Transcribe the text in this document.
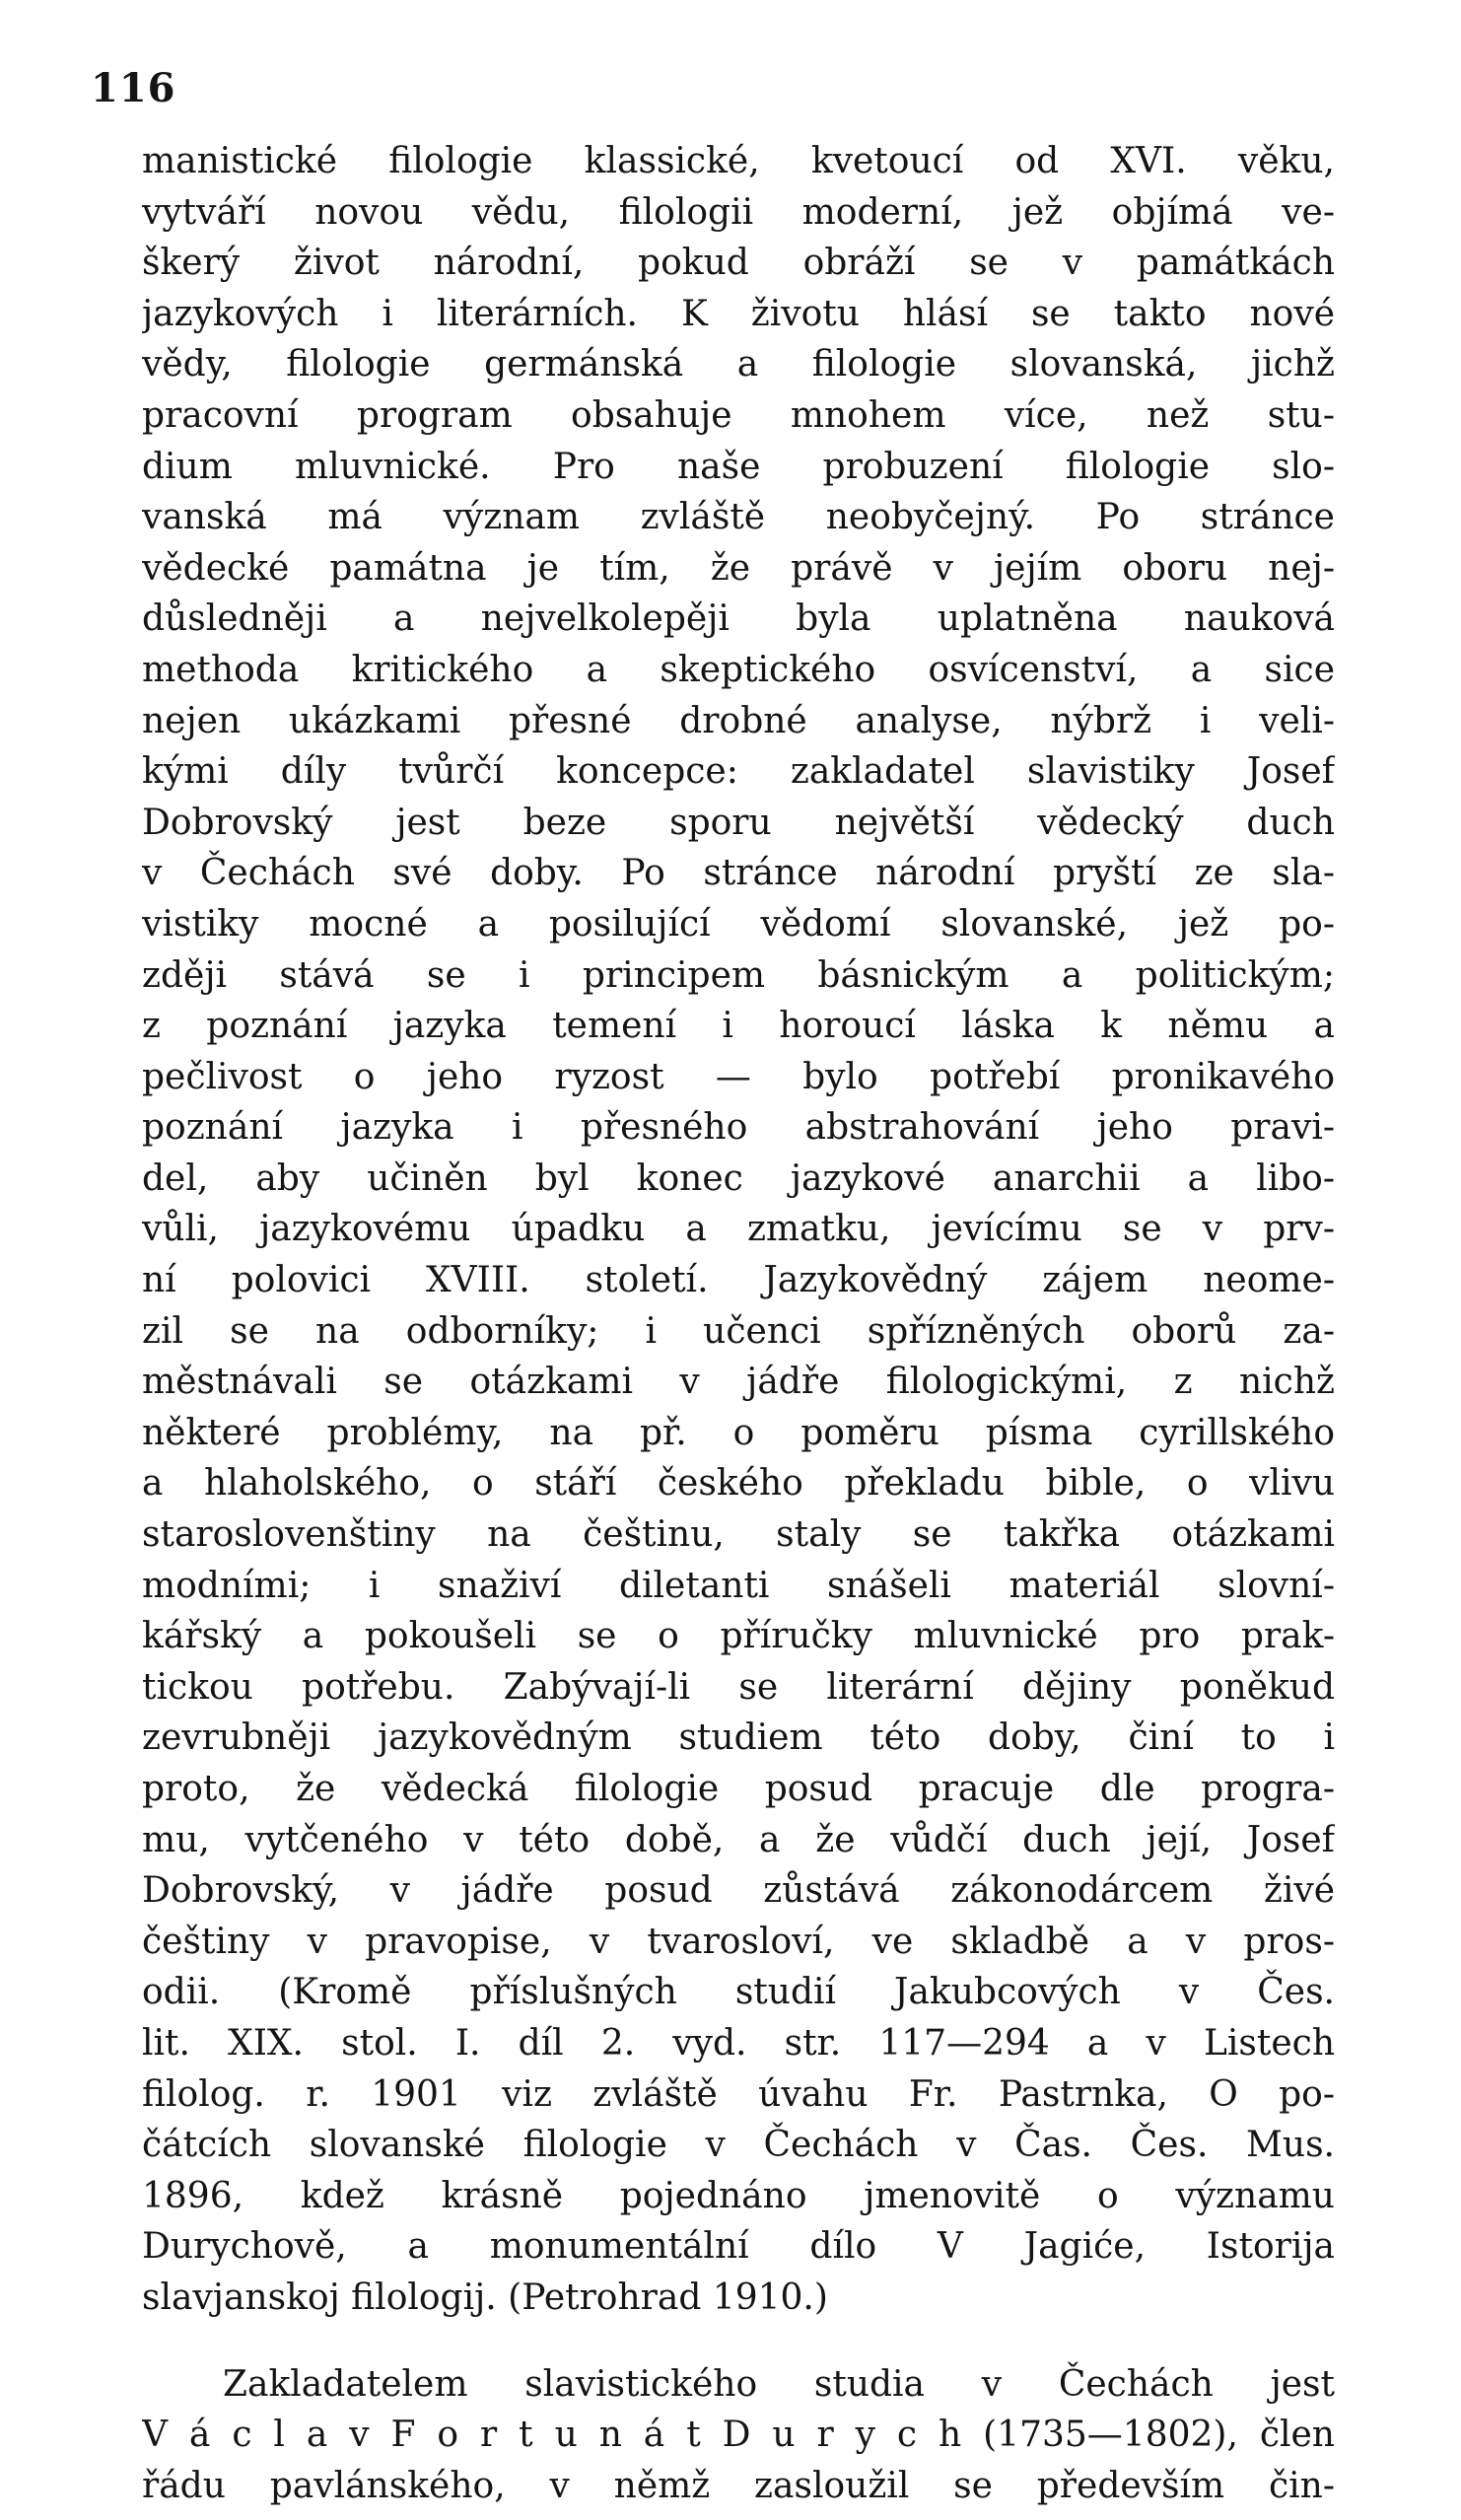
116
manistické filologie klassické, kvetoucí od XVI. věku,
vytváří novou vědu, filologii moderní, jež objímá ve-
škerý život národní, pokud obráží se v památkách
jazykových i literárních. K životu hlásí se takto nové
vědy, filologie germánská a filologie slovanská, jichž
pracovní program obsahuje mnohem více, než stu-
dium mluvnické. Pro naše probuzení filologie slo-
vanská má význam zvláště neobyčejný. Po stránce
vědecké památna je tím, že právě v jejím oboru nej-
důsledněji a nejvelkolepěji byla uplatněna nauková
methoda kritického a skeptického osvícenství, a sice
nejen ukázkami přesné drobné analyse, nýbrž i veli-
kými díly tvůrčí koncepce: zakladatel slavistiky Josef
Dobrovský jest beze sporu největší vědecký duch
v Čechách své doby. Po stránce národní pryští ze sla-
vistiky mocné a posilující vědomí slovanské, jež po-
zději stává se i principem básnickým a politickým;
z poznání jazyka temení i horoucí láska k němu a
pečlivost o jeho ryzost — bylo potřebí pronikavého
poznání jazyka i přesného abstrahování jeho pravi-
del, aby učiněn byl konec jazykové anarchii a libo-
vůli, jazykovému úpadku a zmatku, jevícímu se v prv-
ní polovici XVIII. století. Jazykovědný zájem neome-
zil se na odborníky; i učenci spřízněných oborů za-
městnávali se otázkami v jádře filologickými, z nichž
některé problémy, na př. o poměru písma cyrillského
a hlaholského, o stáří českého překladu bible, o vlivu
staroslovenštiny na češtinu, staly se takřka otázkami
modními; i snaživí diletanti snášeli materiál slovní-
kářský a pokoušeli se o příručky mluvnické pro prak-
tickou potřebu. Zabývají-li se literární dějiny poněkud
zevrubněji jazykovědným studiem této doby, činí to i
proto, že vědecká filologie posud pracuje dle progra-
mu, vytčeného v této době, a že vůdčí duch její, Josef
Dobrovský, v jádře posud zůstává zákonodárcem živé
češtiny v pravopise, v tvarosloví, ve skladbě a v pros-
odii. (Kromě příslušných studií Jakubcových v Čes.
lit. XIX. stol. I. díl 2. vyd. str. 117—294 a v Listech
filolog. r. 1901 viz zvláště úvahu Fr. Pastrnka, O po-
čátcích slovanské filologie v Čechách v Čas. Čes. Mus.
1896, kdež krásně pojednáno jmenovitě o významu
Durychově, a monumentální dílo V Jagiće, Istorija
slavjanskoj filologij. (Petrohrad 1910.)
Zakladatelem slavistického studia v Čechách jest
V á c l a v F o r t u n á t D u r y c h (1735—1802), člen
řádu pavlánského, v němž zasloužil se především čin-
